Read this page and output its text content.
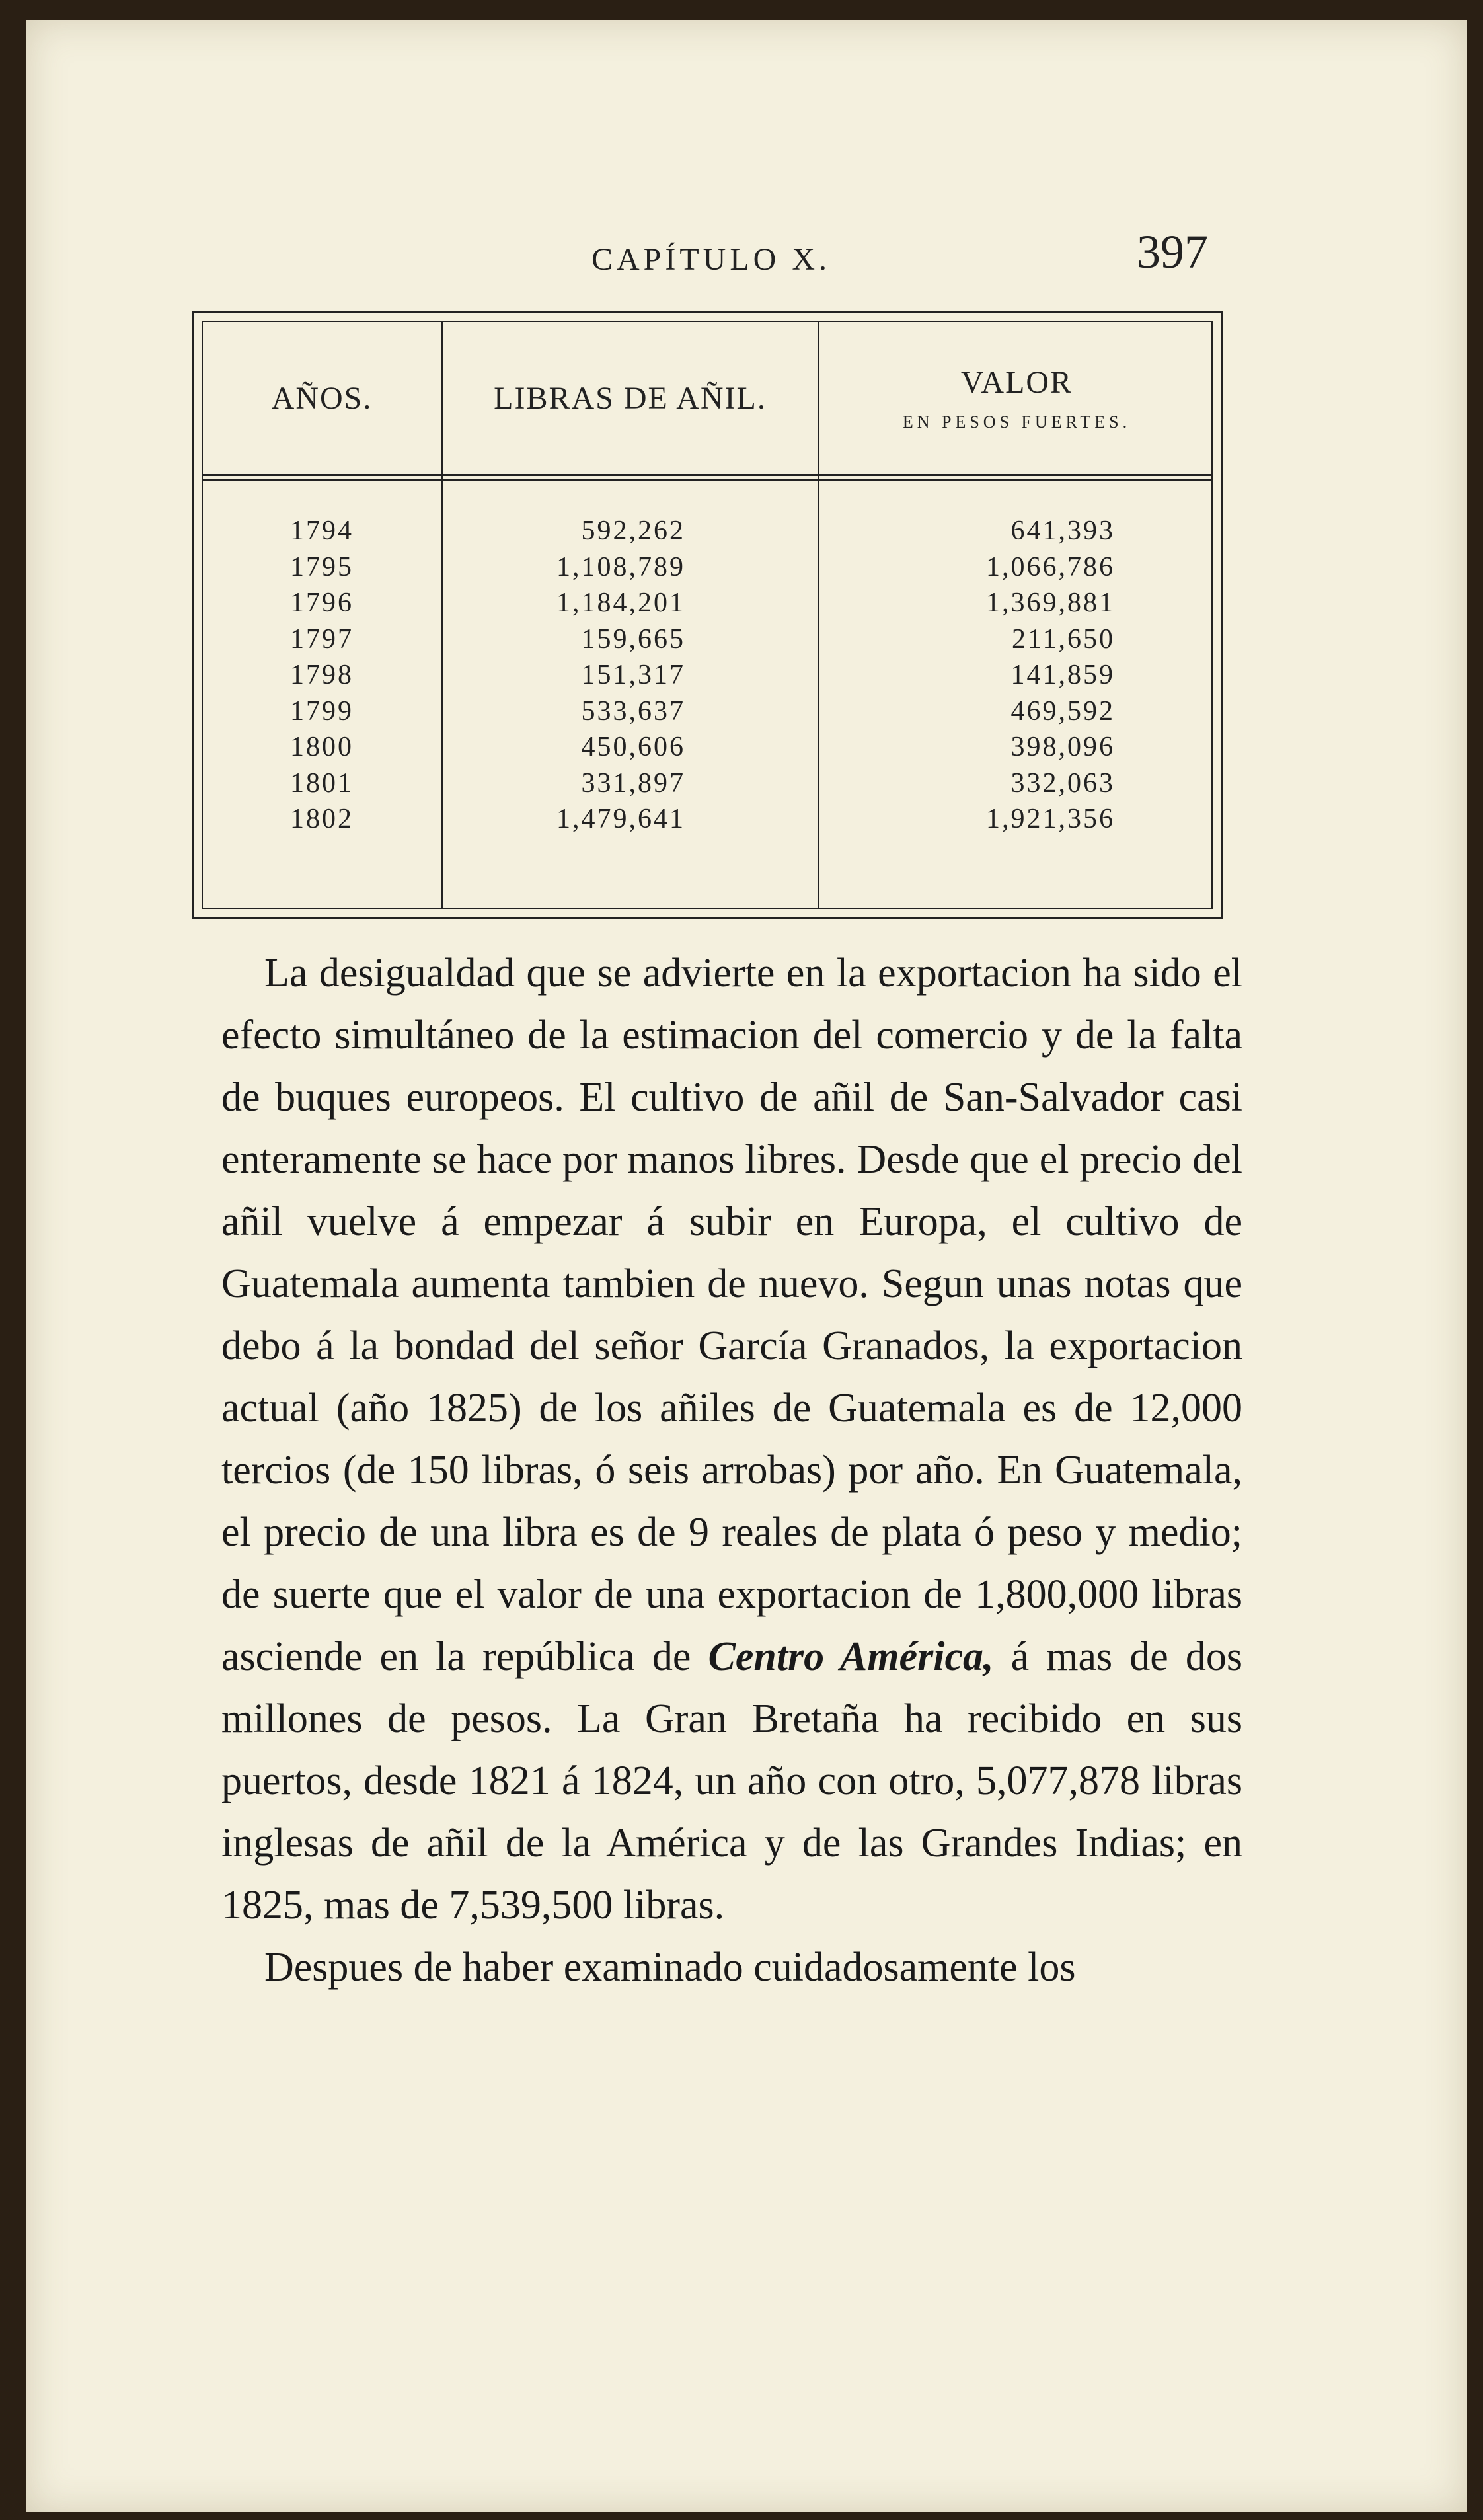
CAPÍTULO X.	397
AÑOS.	LIBRAS DE AÑIL.	VALOR
EN PESOS FUERTES.
1794	592,262	641,393
1795	1,108,789	1,066,786
1796	1,184,201	1,369,881
1797	159,665	211,650
1798	151,317	141,859
1799	533,637	469,592
1800	450,606	398,096
1801	331,897	332,063
1802	1,479,641	1,921,356

La desigualdad que se advierte en la exportacion ha sido el efecto simultáneo de la estimacion del comercio y de la falta de buques europeos. El cultivo de añil de San-Salvador casi enteramente se hace por manos libres. Desde que el precio del añil vuelve á empezar á subir en Europa, el cultivo de Guatemala aumenta tambien de nuevo. Segun unas notas que debo á la bondad del señor García Granados, la exportacion actual (año 1825) de los añiles de Guatemala es de 12,000 tercios (de 150 libras, ó seis arrobas) por año. En Guatemala, el precio de una libra es de 9 reales de plata ó peso y medio; de suerte que el valor de una exportacion de 1,800,000 libras asciende en la república de Centro América, á mas de dos millones de pesos. La Gran Bretaña ha recibido en sus puertos, desde 1821 á 1824, un año con otro, 5,077,878 libras inglesas de añil de la América y de las Grandes Indias; en 1825, mas de 7,539,500 libras.

Despues de haber examinado cuidadosamente los
